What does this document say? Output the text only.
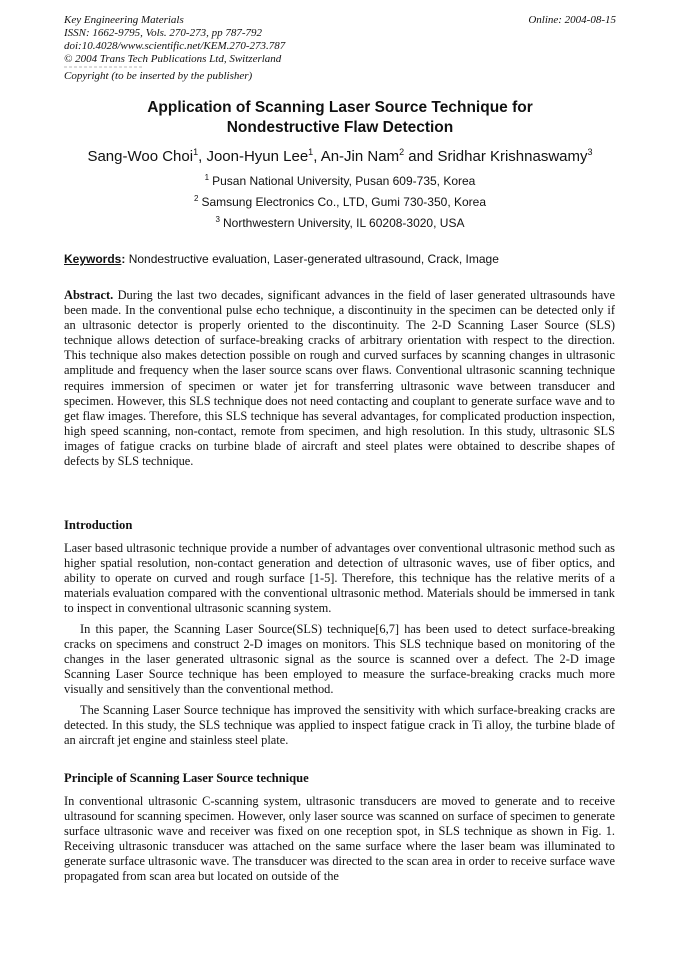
Key Engineering Materials
ISSN: 1662-9795, Vols. 270-273, pp 787-792
doi:10.4028/www.scientific.net/KEM.270-273.787
© 2004 Trans Tech Publications Ltd, Switzerland
Online: 2004-08-15
Copyright (to be inserted by the publisher)
Application of Scanning Laser Source Technique for
Nondestructive Flaw Detection
Sang-Woo Choi$^1$, Joon-Hyun Lee$^1$, An-Jin Nam$^2$ and Sridhar Krishnaswamy$^3$
$^1$ Pusan National University, Pusan 609-735, Korea
$^2$ Samsung Electronics Co., LTD, Gumi 730-350, Korea
$^3$ Northwestern University, IL 60208-3020, USA
Keywords: Nondestructive evaluation, Laser-generated ultrasound, Crack, Image
Abstract. During the last two decades, significant advances in the field of laser generated ultrasounds have been made. In the conventional pulse echo technique, a discontinuity in the specimen can be detected only if an ultrasonic detector is properly oriented to the discontinuity. The 2-D Scanning Laser Source (SLS) technique allows detection of surface-breaking cracks of arbitrary orientation with respect to the direction. This technique also makes detection possible on rough and curved surfaces by scanning changes in ultrasonic amplitude and frequency when the laser source scans over flaws. Conventional ultrasonic scanning technique requires immersion of specimen or water jet for transferring ultrasonic wave between transducer and specimen. However, this SLS technique does not need contacting and couplant to generate surface wave and to get flaw images. Therefore, this SLS technique has several advantages, for complicated production inspection, high speed scanning, non-contact, remote from specimen, and high resolution. In this study, ultrasonic SLS images of fatigue cracks on turbine blade of aircraft and steel plates were obtained to describe shapes of defects by SLS technique.
Introduction
Laser based ultrasonic technique provide a number of advantages over conventional ultrasonic method such as higher spatial resolution, non-contact generation and detection of ultrasonic waves, use of fiber optics, and ability to operate on curved and rough surface [1-5]. Therefore, this technique has the relative merits of a materials evaluation compared with the conventional ultrasonic method. Materials should be immersed in tank to inspect in conventional ultrasonic scanning system.
In this paper, the Scanning Laser Source(SLS) technique[6,7] has been used to detect surface-breaking cracks on specimens and construct 2-D images on monitors. This SLS technique based on monitoring of the changes in the laser generated ultrasonic signal as the source is scanned over a defect. The 2-D image Scanning Laser Source technique has been employed to measure the surface-breaking cracks much more visually and sensitively than the conventional method.
The Scanning Laser Source technique has improved the sensitivity with which surface-breaking cracks are detected. In this study, the SLS technique was applied to inspect fatigue crack in Ti alloy, the turbine blade of an aircraft jet engine and stainless steel plate.
Principle of Scanning Laser Source technique
In conventional ultrasonic C-scanning system, ultrasonic transducers are moved to generate and to receive ultrasound for scanning specimen. However, only laser source was scanned on surface of specimen to generate surface ultrasonic wave and receiver was fixed on one reception spot, in SLS technique as shown in Fig. 1. Receiving ultrasonic transducer was attached on the same surface where the laser beam was illuminated to generate surface ultrasonic wave. The transducer was directed to the scan area in order to receive surface wave propagated from scan area but located on outside of the
